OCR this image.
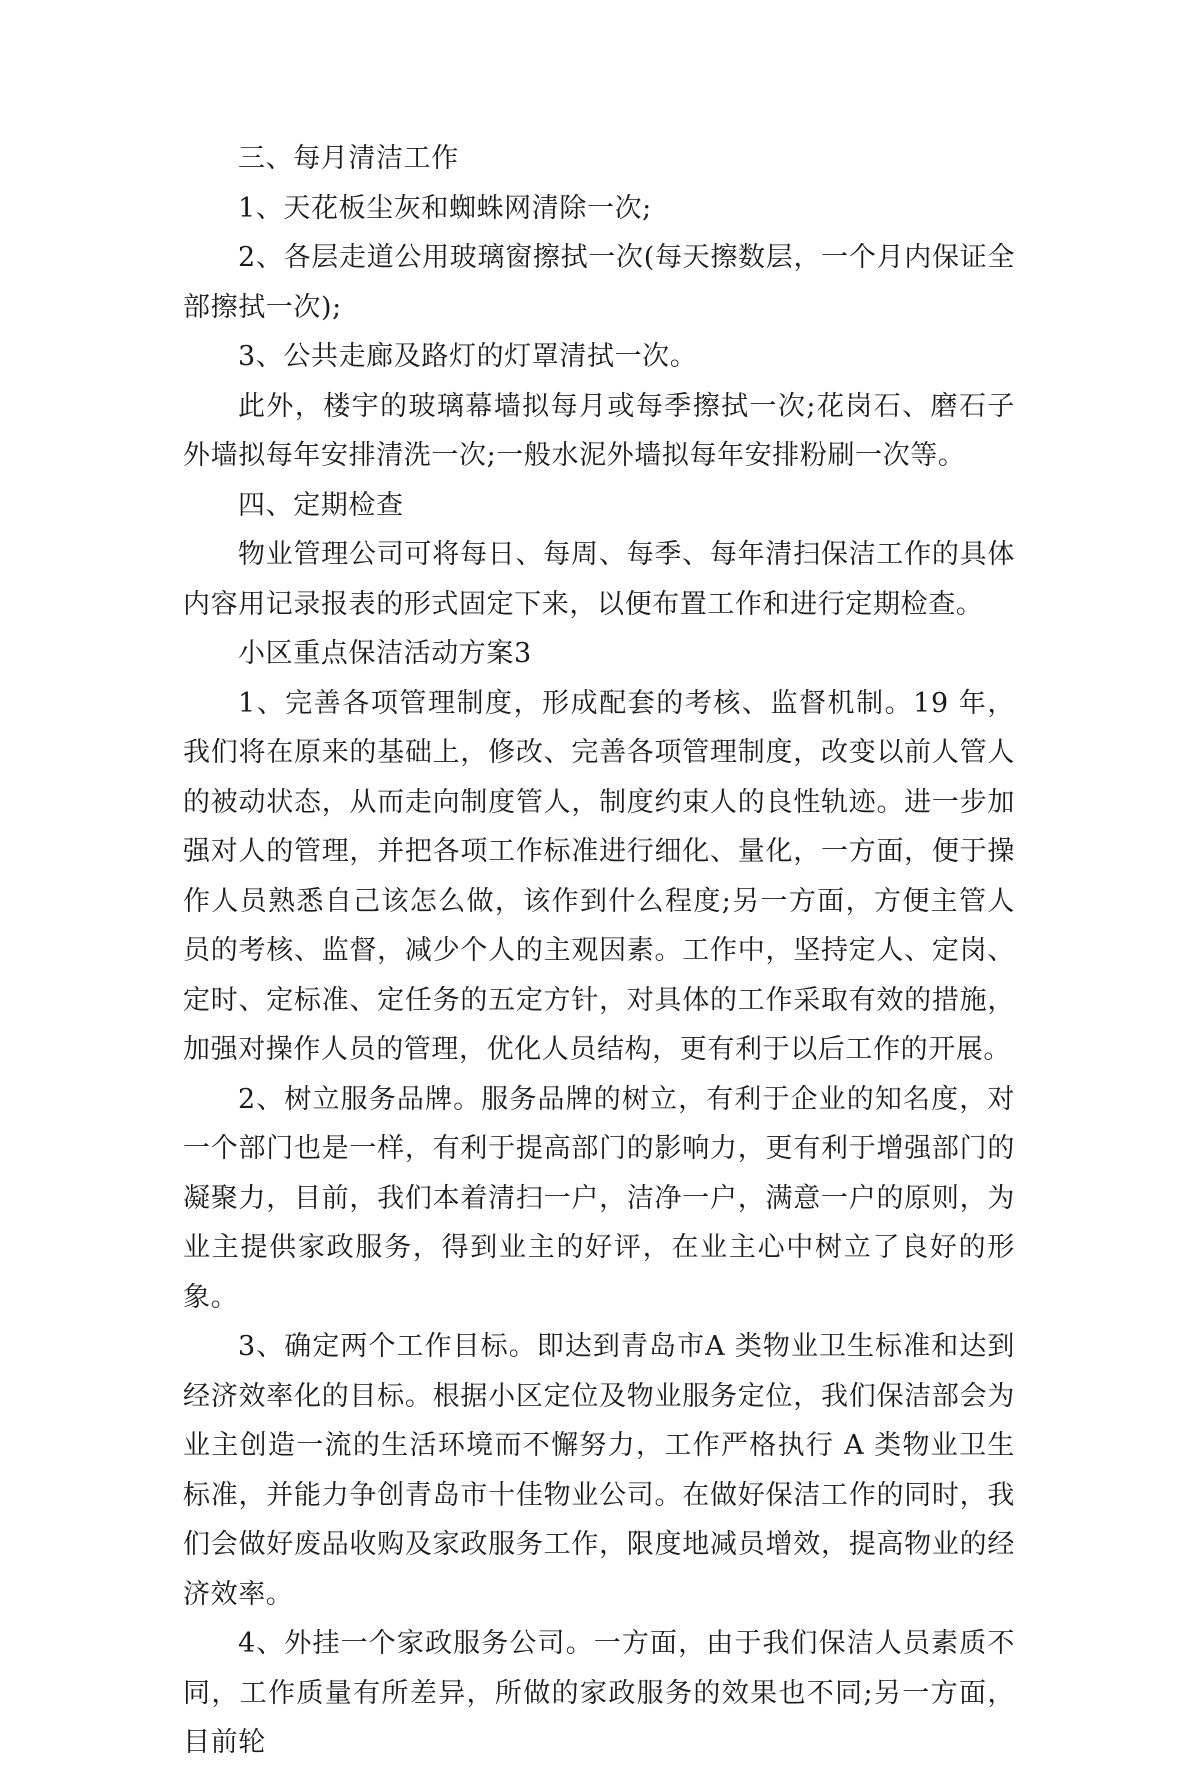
三、每月清洁工作

1、天花板尘灰和蜘蛛网清除一次;

2、各层走道公用玻璃窗擦拭一次(每天擦数层，一个月内保证全部擦拭一次);

3、公共走廊及路灯的灯罩清拭一次。

此外，楼宇的玻璃幕墙拟每月或每季擦拭一次;花岗石、磨石子外墙拟每年安排清洗一次;一般水泥外墙拟每年安排粉刷一次等。

四、定期检查

物业管理公司可将每日、每周、每季、每年清扫保洁工作的具体内容用记录报表的形式固定下来，以便布置工作和进行定期检查。

小区重点保洁活动方案3

1、完善各项管理制度，形成配套的考核、监督机制。19 年，我们将在原来的基础上，修改、完善各项管理制度，改变以前人管人的被动状态，从而走向制度管人，制度约束人的良性轨迹。进一步加强对人的管理，并把各项工作标准进行细化、量化，一方面，便于操作人员熟悉自己该怎么做，该作到什么程度;另一方面，方便主管人员的考核、监督，减少个人的主观因素。工作中，坚持定人、定岗、定时、定标准、定任务的五定方针，对具体的工作采取有效的措施，加强对操作人员的管理，优化人员结构，更有利于以后工作的开展。

2、树立服务品牌。服务品牌的树立，有利于企业的知名度，对一个部门也是一样，有利于提高部门的影响力，更有利于增强部门的凝聚力，目前，我们本着清扫一户，洁净一户，满意一户的原则，为业主提供家政服务，得到业主的好评，在业主心中树立了良好的形象。

3、确定两个工作目标。即达到青岛市A 类物业卫生标准和达到经济效率化的目标。根据小区定位及物业服务定位，我们保洁部会为业主创造一流的生活环境而不懈努力，工作严格执行 A 类物业卫生标准，并能力争创青岛市十佳物业公司。在做好保洁工作的同时，我们会做好废品收购及家政服务工作，限度地减员增效，提高物业的经济效率。

4、外挂一个家政服务公司。一方面，由于我们保洁人员素质不同，工作质量有所差异，所做的家政服务的效果也不同;另一方面，目前轮
